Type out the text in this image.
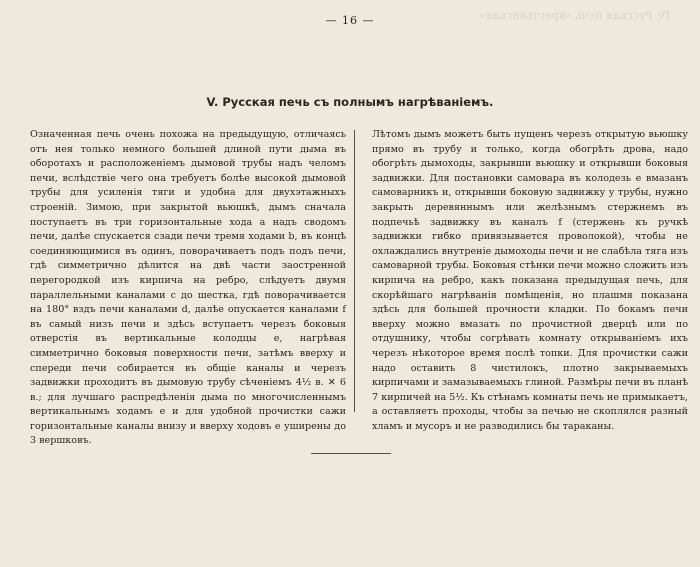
IV. Русская печь «крестьянская»
— 16 —
V. Русская печь съ полнымъ нагрѣваніемъ.
Означенная печь очень похожа на предыдущую, отличаясь отъ нея только немного большей длиной пути дыма въ оборотахъ и расположеніемъ дымовой трубы надъ челомъ печи, вслѣдствіе чего она требуетъ болѣе высокой дымовой трубы для усиленія тяги и удобна для двухэтажныхъ строеній. Зимою, при закрытой вьюшкѣ, дымъ сначала поступаетъ въ три горизонтальные хода a надъ сводомъ печи, далѣе спускается сзади печи тремя ходами b, въ концѣ соединяющимися въ одинъ, поворачиваетъ подъ подъ печи, гдѣ симметрично дѣлится на двѣ части заостренной перегородкой изъ кирпича на ребро, слѣдуетъ двумя параллельными каналами c до шестка, гдѣ поворачивается на 180° вздъ печи каналами d, далѣе опускается каналами f въ самый низъ печи и здѣсь вступаетъ черезъ боковыя отверстія въ вертикальные колодцы e, нагрѣвая симметрично боковыя поверхности печи, затѣмъ вверху и спереди печи собирается въ общіе каналы и черезъ задвижки проходитъ въ дымовую трубу сѣченіемъ 4½ в. ✕ 6 в.; для лучшаго распредѣленія дыма по многочисленнымъ вертикальнымъ ходамъ e и для удобной прочистки сажи горизонтальные каналы внизу и вверху ходовъ e уширены до 3 вершковъ.
Лѣтомъ дымъ можетъ быть пущенъ черезъ открытую вьюшку прямо въ трубу и только, когда обогрѣть дрова, надо обогрѣть дымоходы, закрывши вьюшку и открывши боковыя задвижки. Для постановки самовара въ колодезь e вмазанъ самоварникъ и, открывши боковую задвижку у трубы, нужно закрыть деревяннымъ или желѣзнымъ стержнемъ въ подпечьѣ задвижку въ каналъ f (стержень къ ручкѣ задвижки гибко привязывается проволокой), чтобы не охлаждались внутреніе дымоходы печи и не слабѣла тяга изъ самоварной трубы. Боковыя стѣнки печи можно сложить изъ кирпича на ребро, какъ показана предыдущая печь, для скорѣйшаго нагрѣванія помѣщенія, но плашмя показана здѣсь для большей прочности кладки. По бокамъ печи вверху можно вмазать по прочистной дверцѣ или по отдушнику, чтобы согрѣвать комнату открываніемъ ихъ черезъ нѣкоторое время послѣ топки. Для прочистки сажи надо оставить 8 чистилокъ, плотно закрываемыхъ кирпичами и замазываемыхъ глиной. Размѣры печи въ планѣ 7 кирпичей на 5½. Къ стѣнамъ комнаты печь не примыкаетъ, а оставляетъ проходы, чтобы за печью не скоплялся разный хламъ и мусоръ и не разводились бы тараканы.
